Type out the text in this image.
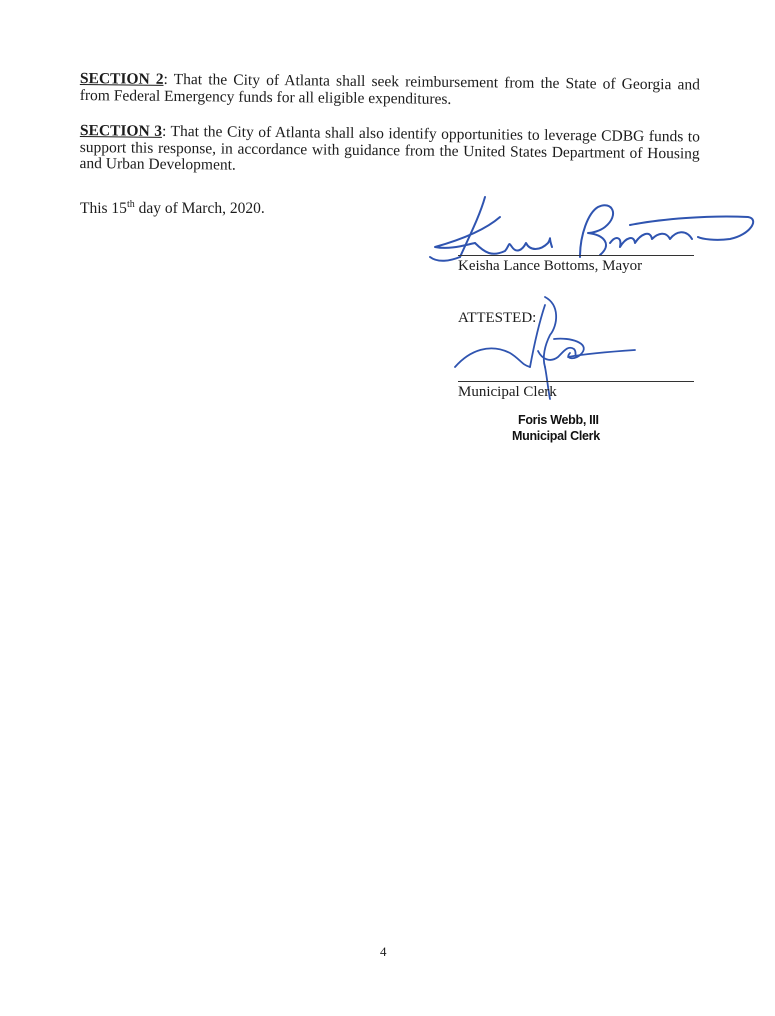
SECTION 2: That the City of Atlanta shall seek reimbursement from the State of Georgia and from Federal Emergency funds for all eligible expenditures.
SECTION 3: That the City of Atlanta shall also identify opportunities to leverage CDBG funds to support this response, in accordance with guidance from the United States Department of Housing and Urban Development.
This 15th day of March, 2020.
Keisha Lance Bottoms, Mayor
ATTESTED:
Municipal Clerk
Foris Webb, III
Municipal Clerk
4
